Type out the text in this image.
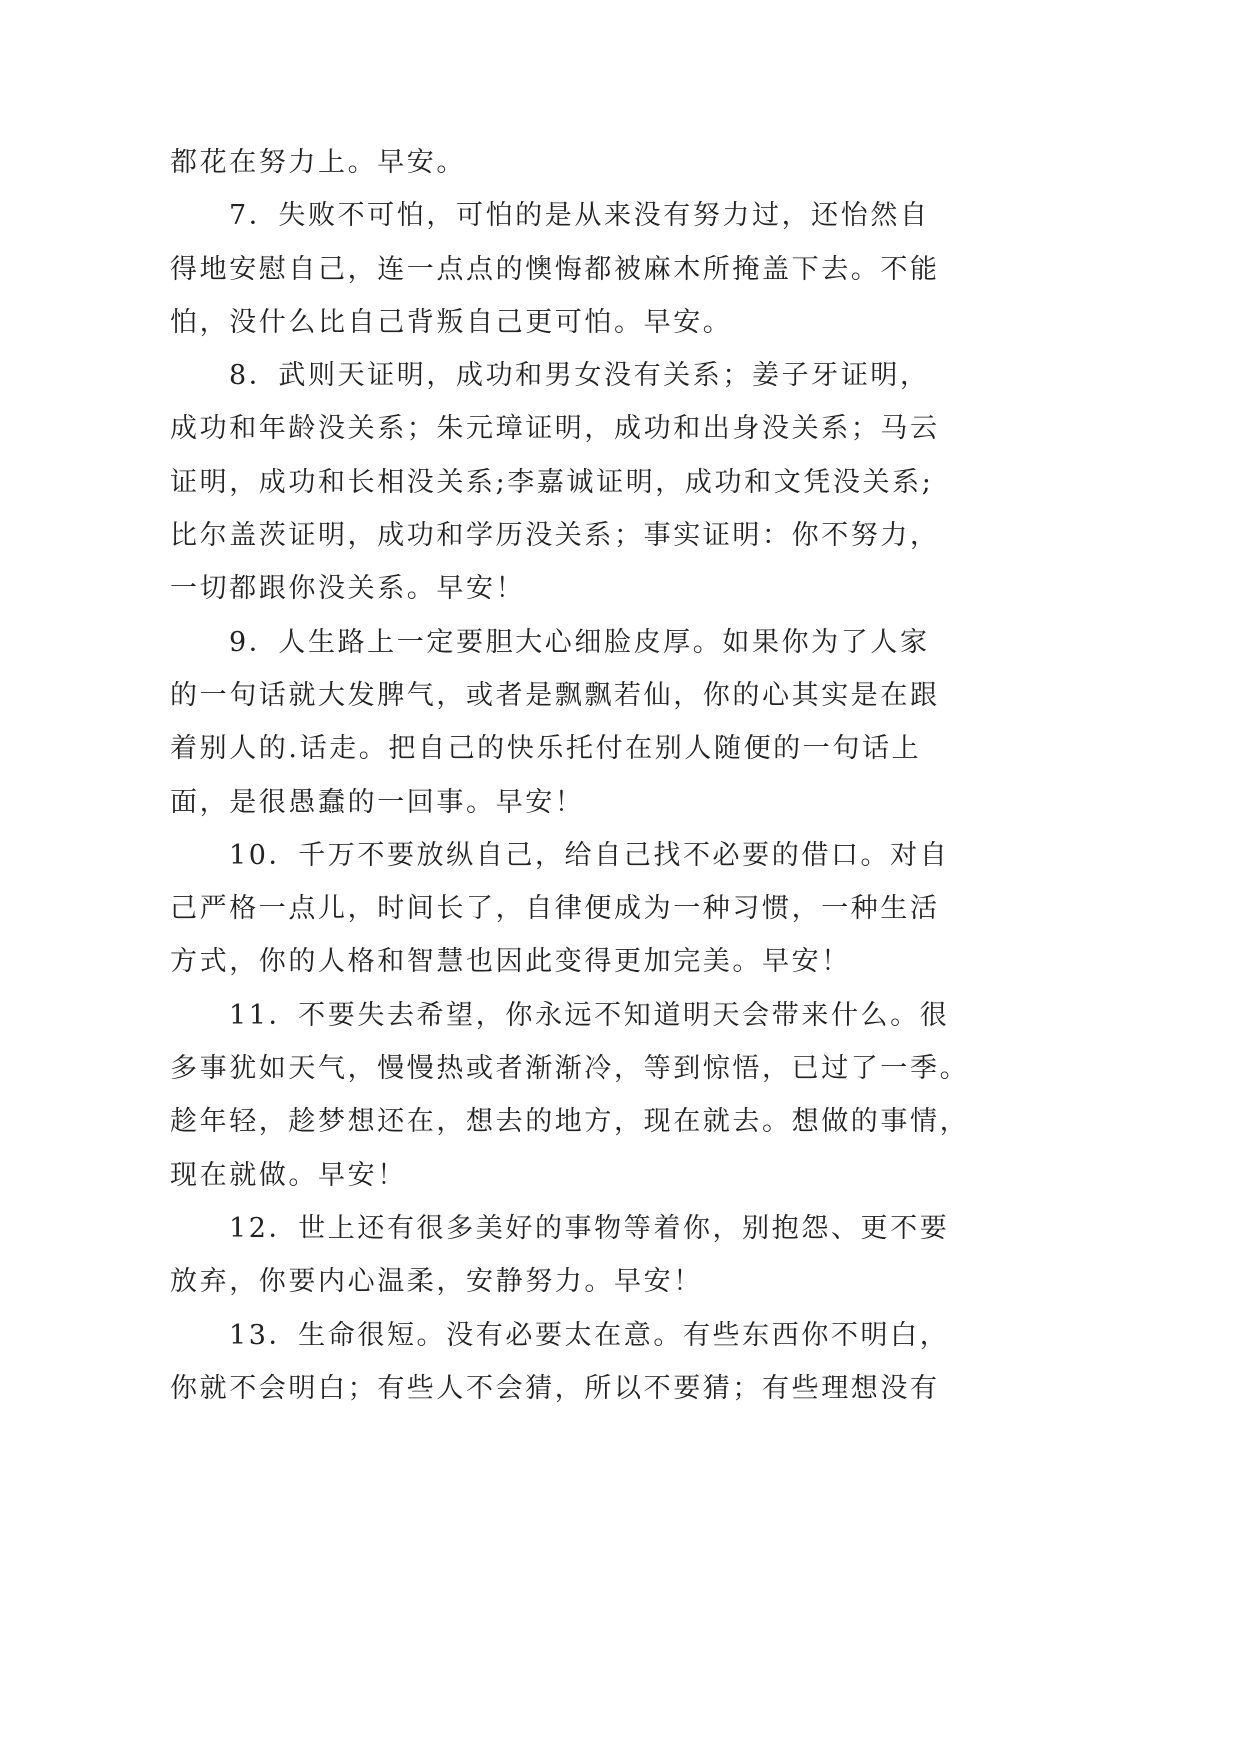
都花在努力上。早安。
7．失败不可怕，可怕的是从来没有努力过，还怡然自
得地安慰自己，连一点点的懊悔都被麻木所掩盖下去。不能
怕，没什么比自己背叛自己更可怕。早安。
8．武则天证明，成功和男女没有关系；姜子牙证明，
成功和年龄没关系；朱元璋证明，成功和出身没关系；马云
证明，成功和长相没关系;李嘉诚证明，成功和文凭没关系;
比尔盖茨证明，成功和学历没关系；事实证明：你不努力，
一切都跟你没关系。早安！
9．人生路上一定要胆大心细脸皮厚。如果你为了人家
的一句话就大发脾气，或者是飘飘若仙，你的心其实是在跟
着别人的.话走。把自己的快乐托付在别人随便的一句话上
面，是很愚蠢的一回事。早安！
10．千万不要放纵自己，给自己找不必要的借口。对自
己严格一点儿，时间长了，自律便成为一种习惯，一种生活
方式，你的人格和智慧也因此变得更加完美。早安！
11．不要失去希望，你永远不知道明天会带来什么。很
多事犹如天气，慢慢热或者渐渐冷，等到惊悟，已过了一季。
趁年轻，趁梦想还在，想去的地方，现在就去。想做的事情，
现在就做。早安！
12．世上还有很多美好的事物等着你，别抱怨、更不要
放弃，你要内心温柔，安静努力。早安！
13．生命很短。没有必要太在意。有些东西你不明白，
你就不会明白；有些人不会猜，所以不要猜；有些理想没有
